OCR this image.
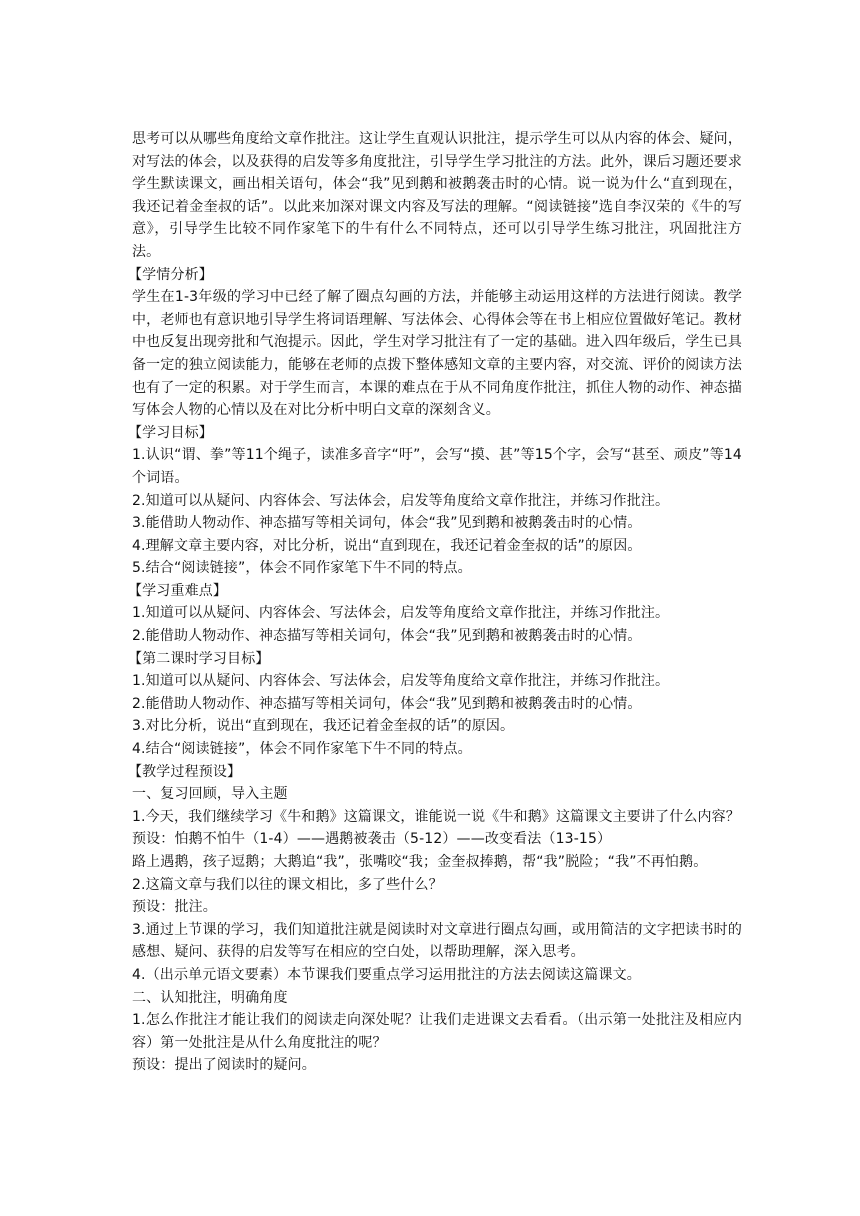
思考可以从哪些角度给文章作批注。这让学生直观认识批注，提示学生可以从内容的体会、疑问，对写法的体会，以及获得的启发等多角度批注，引导学生学习批注的方法。此外，课后习题还要求学生默读课文，画出相关语句，体会“我”见到鹅和被鹅袭击时的心情。说一说为什么“直到现在，我还记着金奎叔的话”。以此来加深对课文内容及写法的理解。“阅读链接”选自李汉荣的《牛的写意》，引导学生比较不同作家笔下的牛有什么不同特点，还可以引导学生练习批注，巩固批注方法。

【学情分析】

学生在1-3年级的学习中已经了解了圈点勾画的方法，并能够主动运用这样的方法进行阅读。教学中，老师也有意识地引导学生将词语理解、写法体会、心得体会等在书上相应位置做好笔记。教材中也反复出现旁批和气泡提示。因此，学生对学习批注有了一定的基础。进入四年级后，学生已具备一定的独立阅读能力，能够在老师的点拨下整体感知文章的主要内容，对交流、评价的阅读方法也有了一定的积累。对于学生而言，本课的难点在于从不同角度作批注，抓住人物的动作、神态描写体会人物的心情以及在对比分析中明白文章的深刻含义。

【学习目标】

1.认识“谓、拳”等11个绳子，读准多音字“吁”，会写“摸、甚”等15个字，会写“甚至、顽皮”等14个词语。

2.知道可以从疑问、内容体会、写法体会，启发等角度给文章作批注，并练习作批注。

3.能借助人物动作、神态描写等相关词句，体会“我”见到鹅和被鹅袭击时的心情。

4.理解文章主要内容，对比分析，说出“直到现在，我还记着金奎叔的话”的原因。

5.结合“阅读链接”，体会不同作家笔下牛不同的特点。

【学习重难点】

1.知道可以从疑问、内容体会、写法体会，启发等角度给文章作批注，并练习作批注。

2.能借助人物动作、神态描写等相关词句，体会“我”见到鹅和被鹅袭击时的心情。

【第二课时学习目标】

1.知道可以从疑问、内容体会、写法体会，启发等角度给文章作批注，并练习作批注。

2.能借助人物动作、神态描写等相关词句，体会“我”见到鹅和被鹅袭击时的心情。

3.对比分析，说出“直到现在，我还记着金奎叔的话”的原因。

4.结合“阅读链接”，体会不同作家笔下牛不同的特点。

【教学过程预设】

一、复习回顾，导入主题

1.今天，我们继续学习《牛和鹅》这篇课文，谁能说一说《牛和鹅》这篇课文主要讲了什么内容？

预设：怕鹅不怕牛（1-4）——遇鹅被袭击（5-12）——改变看法（13-15）

路上遇鹅，孩子逗鹅；大鹅追“我”，张嘴咬“我；金奎叔捧鹅，帮“我”脱险；“我”不再怕鹅。

2.这篇文章与我们以往的课文相比，多了些什么？

预设：批注。

3.通过上节课的学习，我们知道批注就是阅读时对文章进行圈点勾画，或用简洁的文字把读书时的感想、疑问、获得的启发等写在相应的空白处，以帮助理解，深入思考。

4.（出示单元语文要素）本节课我们要重点学习运用批注的方法去阅读这篇课文。

二、认知批注，明确角度

1.怎么作批注才能让我们的阅读走向深处呢？让我们走进课文去看看。（出示第一处批注及相应内容）第一处批注是从什么角度批注的呢？

预设：提出了阅读时的疑问。
